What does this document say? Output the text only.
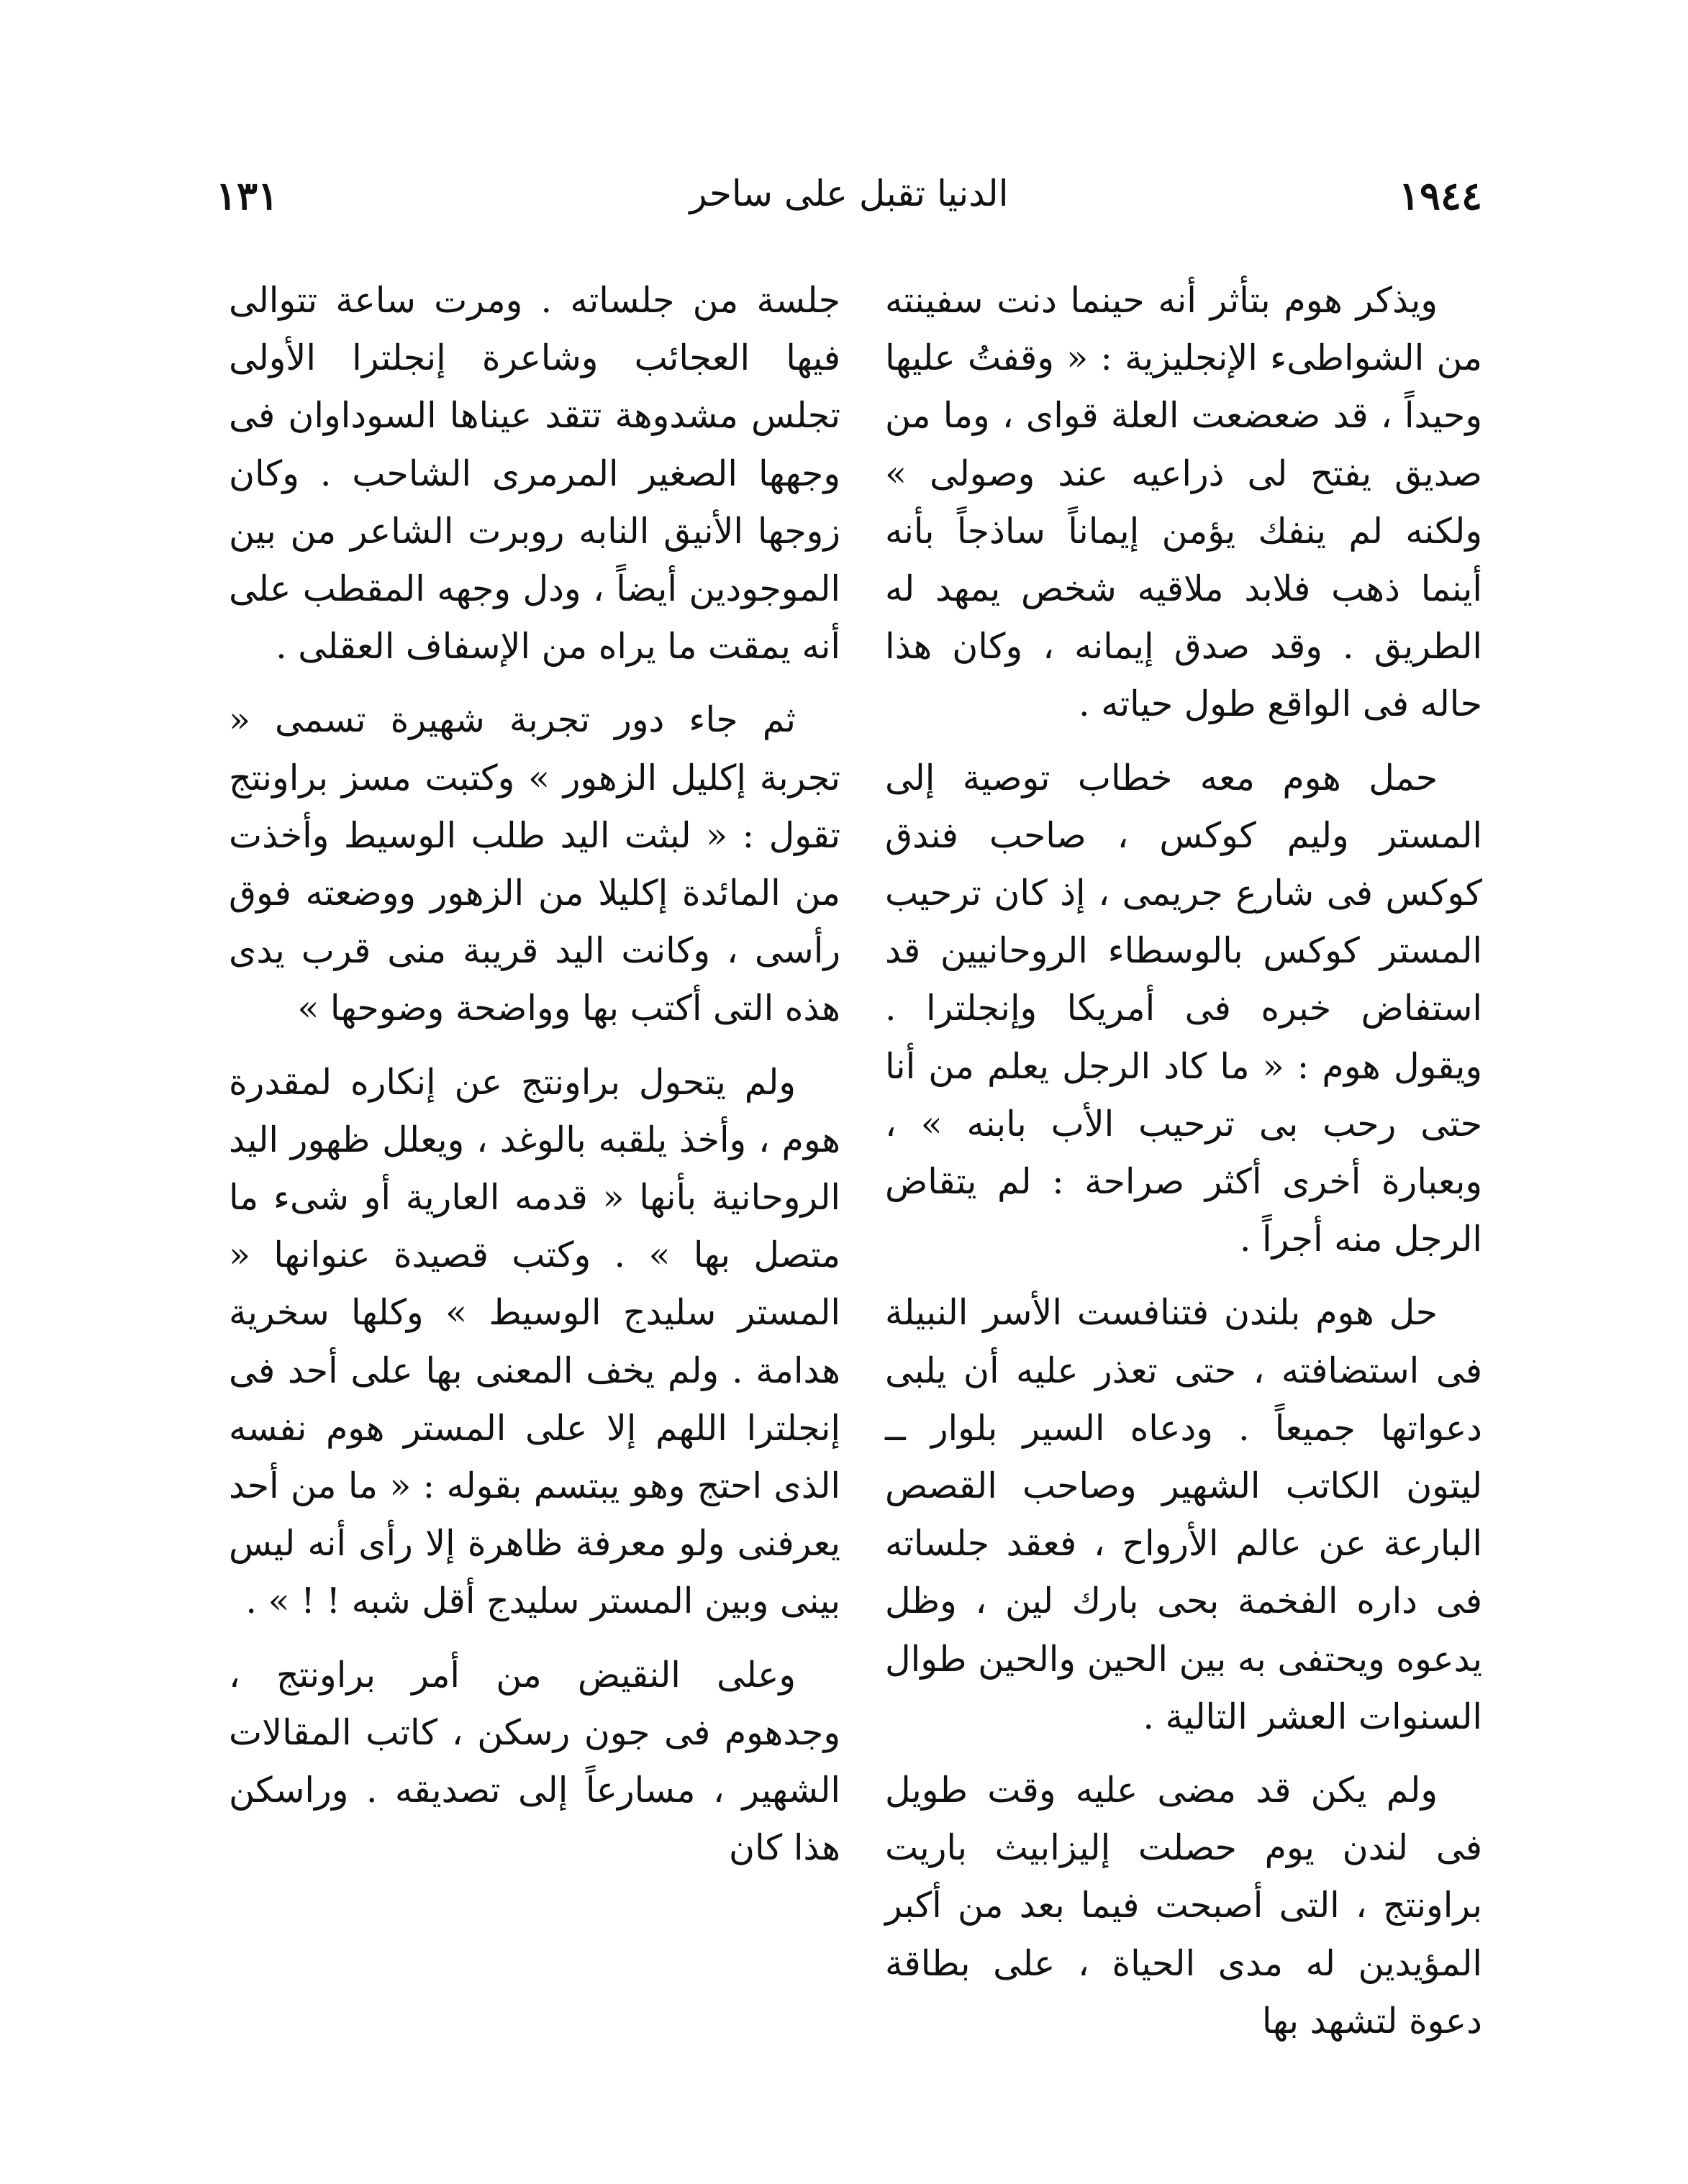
١٣١	الدنيا تقبل على ساحر	١٩٤٤

ويذكر هوم بتأثر أنه حينما دنت سفينته من الشواطىء الإنجليزية : « وقفتُ عليها وحيداً ، قد ضعضعت العلة قواى ، وما من صديق يفتح لى ذراعيه عند وصولى » ولكنه لم ينفك يؤمن إيماناً ساذجاً بأنه أينما ذهب فلابد ملاقيه شخص يمهد له الطريق . وقد صدق إيمانه ، وكان هذا حاله فى الواقع طول حياته .

حمل هوم معه خطاب توصية إلى المستر وليم كوكس ، صاحب فندق كوكس فى شارع جريمى ، إذ كان ترحيب المستر كوكس بالوسطاء الروحانيين قد استفاض خبره فى أمريكا وإنجلترا . ويقول هوم : « ما كاد الرجل يعلم من أنا حتى رحب بى ترحيب الأب بابنه » ، وبعبارة أخرى أكثر صراحة : لم يتقاض الرجل منه أجراً .

حل هوم بلندن فتنافست الأسر النبيلة فى استضافته ، حتى تعذر عليه أن يلبى دعواتها جميعاً . ودعاه السير بلوار ــ ليتون الكاتب الشهير وصاحب القصص البارعة عن عالم الأرواح ، فعقد جلساته فى داره الفخمة بحى بارك لين ، وظل يدعوه ويحتفى به بين الحين والحين طوال السنوات العشر التالية .

ولم يكن قد مضى عليه وقت طويل فى لندن يوم حصلت إليزابيث باريت براونتج ، التى أصبحت فيما بعد من أكبر المؤيدين له مدى الحياة ، على بطاقة دعوة لتشهد بها

جلسة من جلساته . ومرت ساعة تتوالى فيها العجائب وشاعرة إنجلترا الأولى تجلس مشدوهة تتقد عيناها السوداوان فى وجهها الصغير المرمرى الشاحب . وكان زوجها الأنيق النابه روبرت الشاعر من بين الموجودين أيضاً ، ودل وجهه المقطب على أنه يمقت ما يراه من الإسفاف العقلى .

ثم جاء دور تجربة شهيرة تسمى « تجربة إكليل الزهور » وكتبت مسز براونتج تقول : « لبثت اليد طلب الوسيط وأخذت من المائدة إكليلا من الزهور ووضعته فوق رأسى ، وكانت اليد قريبة منى قرب يدى هذه التى أكتب بها وواضحة وضوحها »

ولم يتحول براونتج عن إنكاره لمقدرة هوم ، وأخذ يلقبه بالوغد ، ويعلل ظهور اليد الروحانية بأنها « قدمه العارية أو شىء ما متصل بها » . وكتب قصيدة عنوانها « المستر سليدج الوسيط » وكلها سخرية هدامة . ولم يخف المعنى بها على أحد فى إنجلترا اللهم إلا على المستر هوم نفسه الذى احتج وهو يبتسم بقوله : « ما من أحد يعرفنى ولو معرفة ظاهرة إلا رأى أنه ليس بينى وبين المستر سليدج أقل شبه ! ! » .

وعلى النقيض من أمر براونتج ، وجدهوم فى جون رسكن ، كاتب المقالات الشهير ، مسارعاً إلى تصديقه . وراسكن هذا كان
